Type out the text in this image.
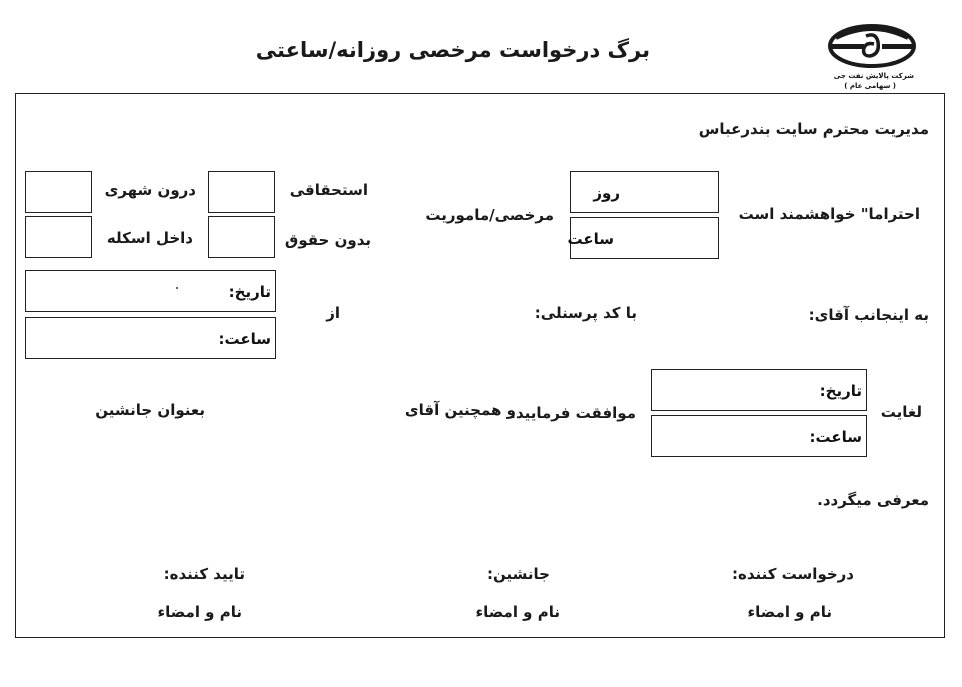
برگ درخواست مرخصی روزانه/ساعتی
شرکت پالایش نفت جی
( سهامی عام )
مدیریت محترم سایت بندرعباس
احتراما" خواهشمند است
روز
ساعت
مرخصی/ماموریت
استحقاقی
بدون حقوق
درون شهری
داخل اسکله
تاریخ:
ساعت:
از	به اینجانب آقای:
با کد پرسنلی:
لغایت
تاریخ:
ساعت:
موافقت فرمایید.
و همچنین آقای
بعنوان جانشین
معرفی میگردد.
درخواست کننده:
جانشین:
تایید کننده:
نام و امضاء
نام و امضاء
نام و امضاء
